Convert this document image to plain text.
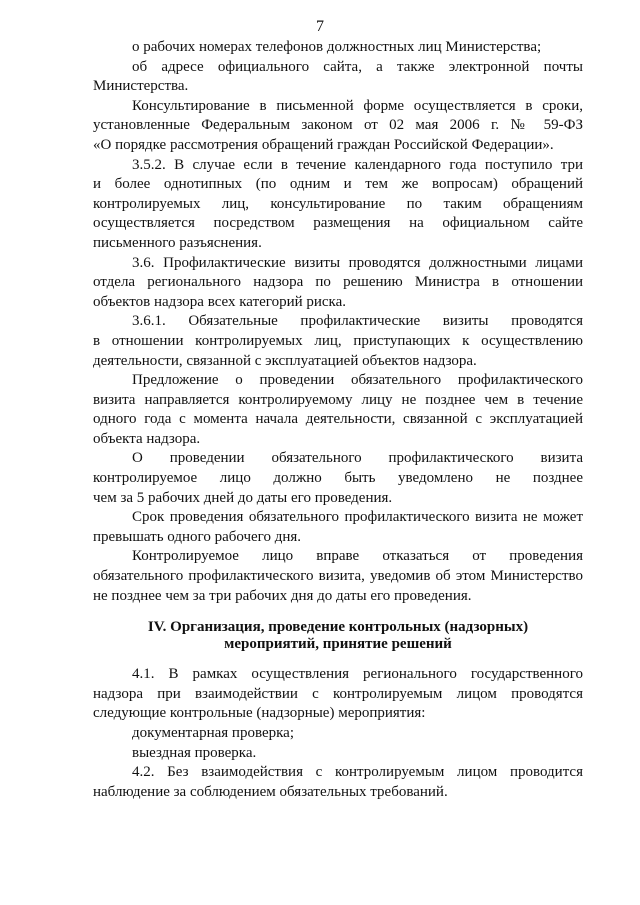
7
о рабочих номерах телефонов должностных лиц Министерства;
об адресе официального сайта, а также электронной почты
Министерства.
Консультирование в письменной форме осуществляется в сроки,
установленные Федеральным законом от 02 мая 2006 г. № 59-ФЗ
«О порядке рассмотрения обращений граждан Российской Федерации».
3.5.2. В случае если в течение календарного года поступило три
и более однотипных (по одним и тем же вопросам) обращений
контролируемых лиц, консультирование по таким обращениям
осуществляется посредством размещения на официальном сайте
письменного разъяснения.
3.6. Профилактические визиты проводятся должностными лицами
отдела регионального надзора по решению Министра в отношении
объектов надзора всех категорий риска.
3.6.1. Обязательные профилактические визиты проводятся
в отношении контролируемых лиц, приступающих к осуществлению
деятельности, связанной с эксплуатацией объектов надзора.
Предложение о проведении обязательного профилактического
визита направляется контролируемому лицу не позднее чем в течение
одного года с момента начала деятельности, связанной с эксплуатацией
объекта надзора.
О проведении обязательного профилактического визита
контролируемое лицо должно быть уведомлено не позднее
чем за 5 рабочих дней до даты его проведения.
Срок проведения обязательного профилактического визита не может
превышать одного рабочего дня.
Контролируемое лицо вправе отказаться от проведения
обязательного профилактического визита, уведомив об этом Министерство
не позднее чем за три рабочих дня до даты его проведения.
IV. Организация, проведение контрольных (надзорных)
мероприятий, принятие решений
4.1. В рамках осуществления регионального государственного
надзора при взаимодействии с контролируемым лицом проводятся
следующие контрольные (надзорные) мероприятия:
документарная проверка;
выездная проверка.
4.2. Без взаимодействия с контролируемым лицом проводится
наблюдение за соблюдением обязательных требований.
